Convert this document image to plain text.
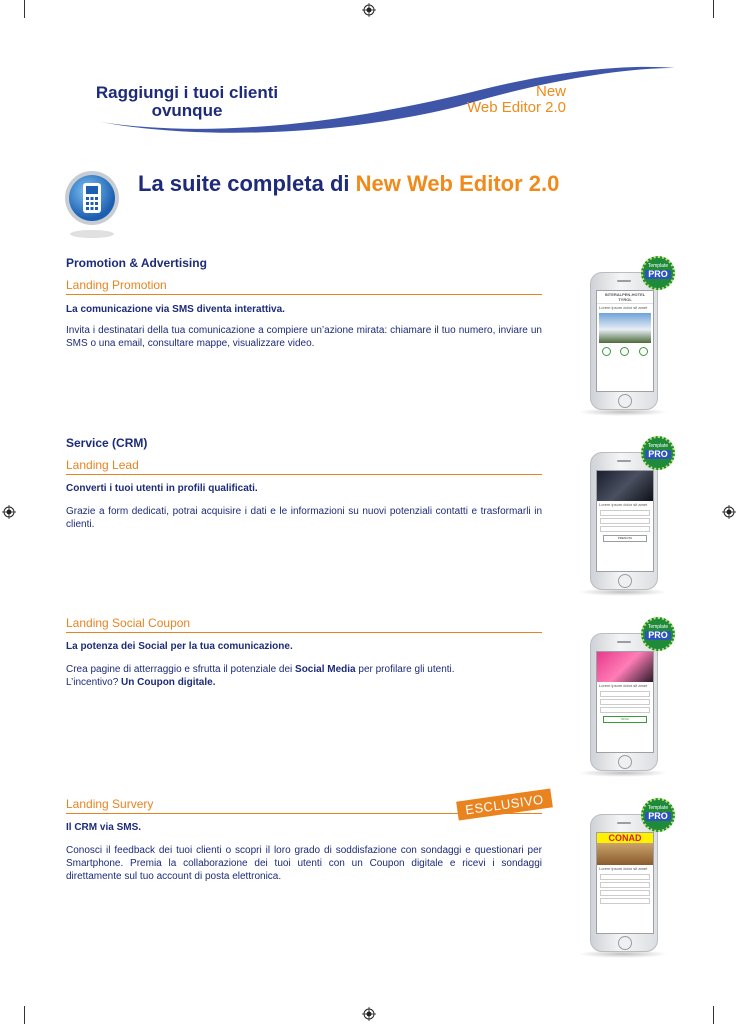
Raggiungi i tuoi clienti ovunque
New
Web Editor 2.0
La suite completa di New Web Editor 2.0
Promotion & Advertising
Landing Promotion
La comunicazione via SMS diventa interattiva.
Invita i destinatari della tua comunicazione a compiere un’azione mirata: chiamare il tuo numero, inviare un SMS o una email, consultare mappe, visualizzare video.
Service (CRM)
Landing Lead
Converti i tuoi utenti in profili qualificati.
Grazie a form dedicati, potrai acquisire i dati e le informazioni su nuovi potenziali contatti e trasformarli in clienti.
Landing Social Coupon
La potenza dei Social per la tua comunicazione.
Crea pagine di atterraggio e sfrutta il potenziale dei Social Media per profilare gli utenti.
L’incentivo? Un Coupon digitale.
Landing Survery	ESCLUSIVO
Il CRM via SMS.
Conosci il feedback dei tuoi clienti o scopri il loro grado di soddisfazione con sondaggi e questionari per Smartphone. Premia la collaborazione dei tuoi utenti con un Coupon digitale e ricevi i sondaggi direttamente sul tuo account di posta elettronica.
INTERALPEN-HOTEL TYROL
Lorem ipsum dolor sit amet
Template
PRO
Lorem ipsum dolor sit amet
PRENOTA
Template
PRO
Lorem ipsum dolor sit amet
INVIA
Template
PRO
CONAD
Lorem ipsum dolor sit amet
Template
PRO
